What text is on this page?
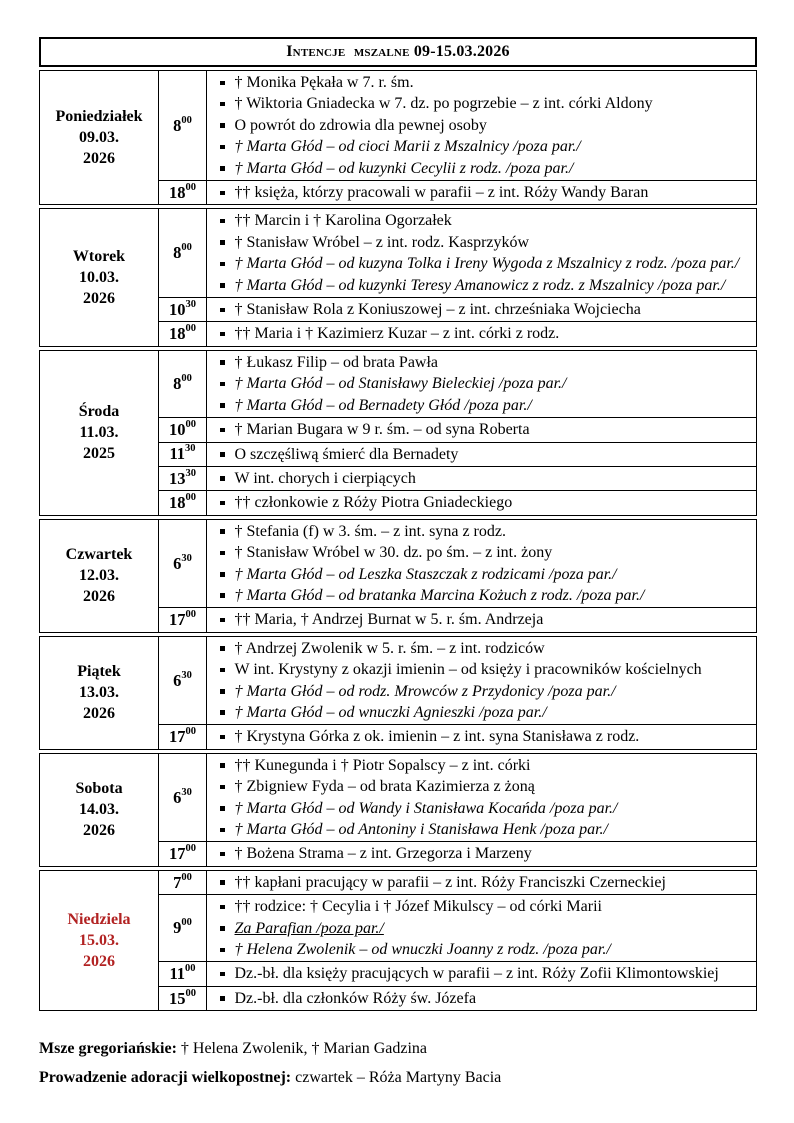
Intencje  mszalne 09-15.03.2026
Poniedziałek
09.03.
2026
8 00
† Monika Pękała w 7. r. śm.
† Wiktoria Gniadecka w 7. dz. po pogrzebie – z int. córki Aldony
O powrót do zdrowia dla pewnej osoby
† Marta Głód – od cioci Marii z Mszalnicy /poza par./
† Marta Głód – od kuzynki Cecylii z rodz. /poza par./
18 00 †† księża, którzy pracowali w parafii – z int. Róży Wandy Baran
Wtorek
10.03.
2026
8 00
†† Marcin i † Karolina Ogorzałek
† Stanisław Wróbel – z int. rodz. Kasprzyków
† Marta Głód – od kuzyna Tolka i Ireny Wygoda z Mszalnicy z rodz. /poza par./
† Marta Głód – od kuzynki Teresy Amanowicz z rodz. z Mszalnicy /poza par./
10 30 † Stanisław Rola z Koniuszowej – z int. chrześniaka Wojciecha
18 00 †† Maria i † Kazimierz Kuzar – z int. córki z rodz.
Środa
11.03.
2025
8 00
† Łukasz Filip – od brata Pawła
† Marta Głód – od Stanisławy Bieleckiej /poza par./
† Marta Głód – od Bernadety Głód /poza par./
10 00 † Marian Bugara w 9 r. śm. – od syna Roberta
11 30 O szczęśliwą śmierć dla Bernadety
13 30 W int. chorych i cierpiących
18 00 †† członkowie z Róży Piotra Gniadeckiego
Czwartek
12.03.
2026
6 30
† Stefania (f) w 3. śm. – z int. syna z rodz.
† Stanisław Wróbel w 30. dz. po śm. – z int. żony
† Marta Głód – od Leszka Staszczak z rodzicami /poza par./
† Marta Głód – od bratanka Marcina Kożuch z rodz. /poza par./
17 00 †† Maria, † Andrzej Burnat w 5. r. śm. Andrzeja
Piątek
13.03.
2026
6 30
† Andrzej Zwolenik w 5. r. śm. – z int. rodziców
W int. Krystyny z okazji imienin – od księży i pracowników kościelnych
† Marta Głód – od rodz. Mrowców z Przydonicy /poza par./
† Marta Głód – od wnuczki Agnieszki /poza par./
17 00 † Krystyna Górka z ok. imienin – z int. syna Stanisława z rodz.
Sobota
14.03.
2026
6 30
†† Kunegunda i † Piotr Sopalscy – z int. córki
† Zbigniew Fyda – od brata Kazimierza z żoną
† Marta Głód – od Wandy i Stanisława Kocańda /poza par./
† Marta Głód – od Antoniny i Stanisława Henk /poza par./
17 00 † Bożena Strama – z int. Grzegorza i Marzeny
Niedziela
15.03.
2026
7 00	†† kapłani pracujący w parafii – z int. Róży Franciszki Czerneckiej
9 00
†† rodzice: † Cecylia i † Józef Mikulscy – od córki Marii
Za Parafian /poza par./
† Helena Zwolenik – od wnuczki Joanny z rodz. /poza par./
11 00 Dz.-bł. dla księży pracujących w parafii – z int. Róży Zofii Klimontowskiej
15 00 Dz.-bł. dla członków Róży św. Józefa
Msze gregoriańskie: † Helena Zwolenik, † Marian Gadzina
Prowadzenie adoracji wielkopostnej: czwartek – Róża Martyny Bacia
